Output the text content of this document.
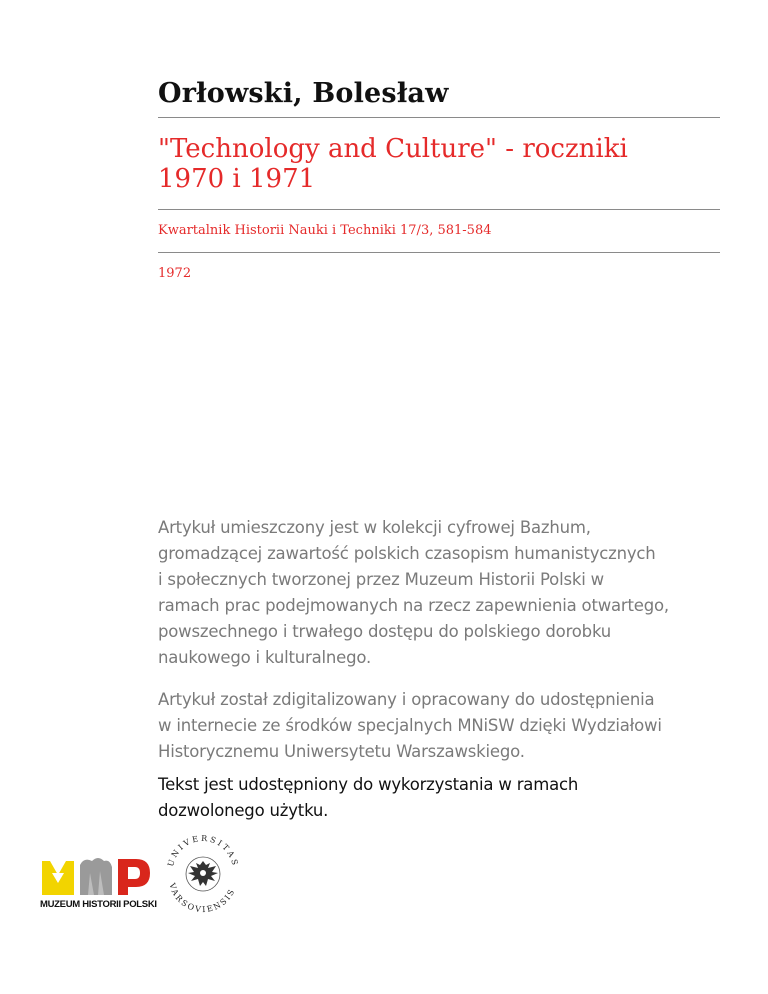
Orłowski, Bolesław
"Technology and Culture" - roczniki
1970 i 1971
Kwartalnik Historii Nauki i Techniki 17/3, 581-584
1972

Artykuł umieszczony jest w kolekcji cyfrowej Bazhum,
gromadzącej zawartość polskich czasopism humanistycznych
i społecznych tworzonej przez Muzeum Historii Polski w
ramach prac podejmowanych na rzecz zapewnienia otwartego,
powszechnego i trwałego dostępu do polskiego dorobku
naukowego i kulturalnego.

Artykuł został zdigitalizowany i opracowany do udostępnienia
w internecie ze środków specjalnych MNiSW dzięki Wydziałowi
Historycznemu Uniwersytetu Warszawskiego.

Tekst jest udostępniony do wykorzystania w ramach
dozwolonego użytku.

MUZEUM HISTORII POLSKI
UNIVERSITAS
VARSOVIENSIS
